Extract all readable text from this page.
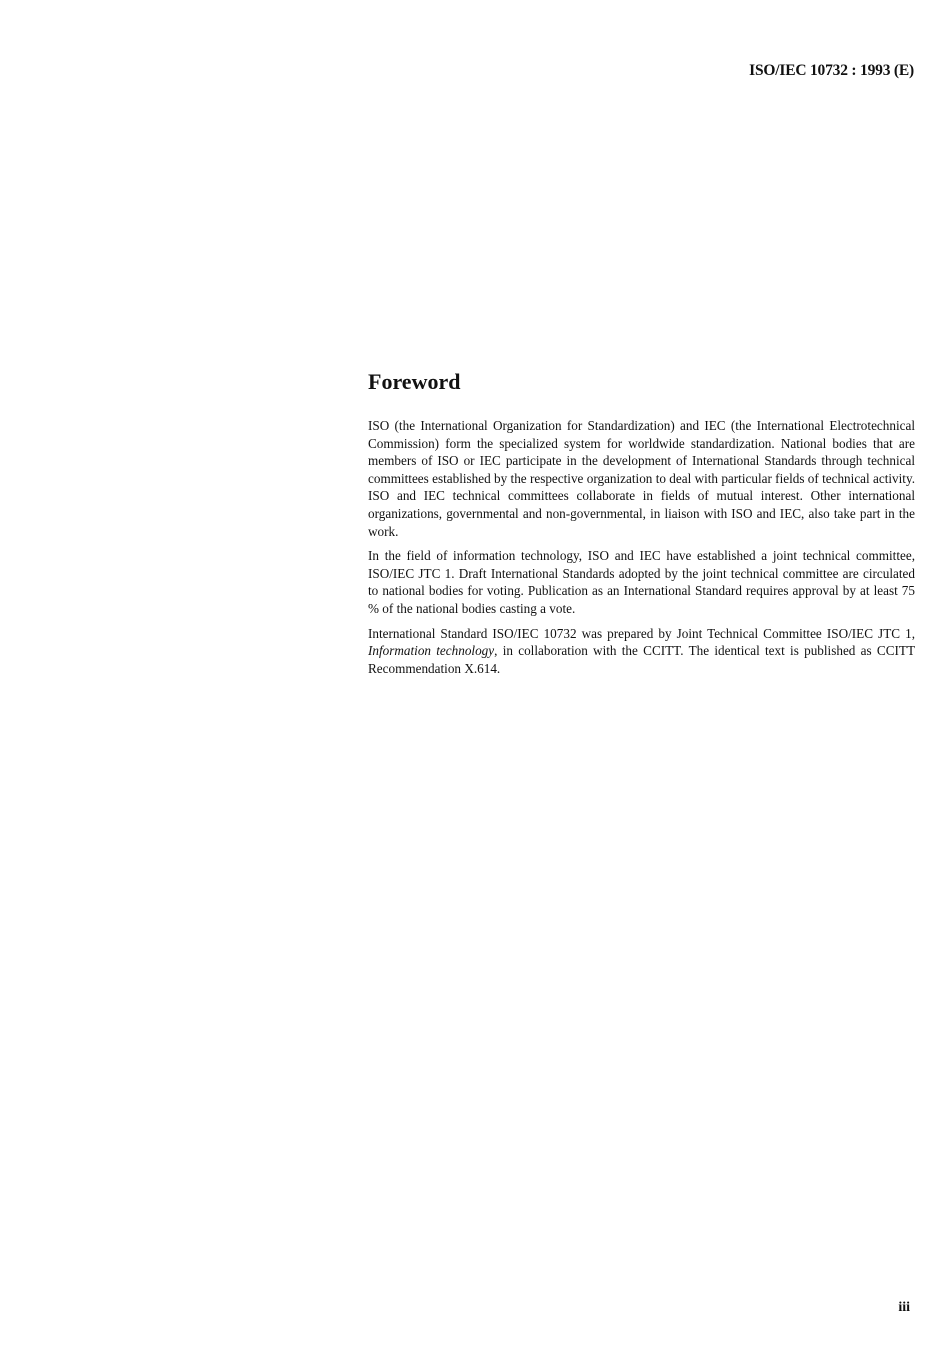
ISO/IEC 10732 : 1993 (E)
Foreword

ISO (the International Organization for Standardization) and IEC (the International Electrotechnical Commission) form the specialized system for worldwide standardization. National bodies that are members of ISO or IEC participate in the development of International Standards through technical committees established by the respective organization to deal with particular fields of technical activity. ISO and IEC technical committees collaborate in fields of mutual interest. Other international organizations, governmental and non-governmental, in liaison with ISO and IEC, also take part in the work.

In the field of information technology, ISO and IEC have established a joint technical committee, ISO/IEC JTC 1. Draft International Standards adopted by the joint technical committee are circulated to national bodies for voting. Publication as an International Standard requires approval by at least 75 % of the national bodies casting a vote.

International Standard ISO/IEC 10732 was prepared by Joint Technical Committee ISO/IEC JTC 1, Information technology, in collaboration with the CCITT. The identical text is published as CCITT Recommendation X.614.

iii
